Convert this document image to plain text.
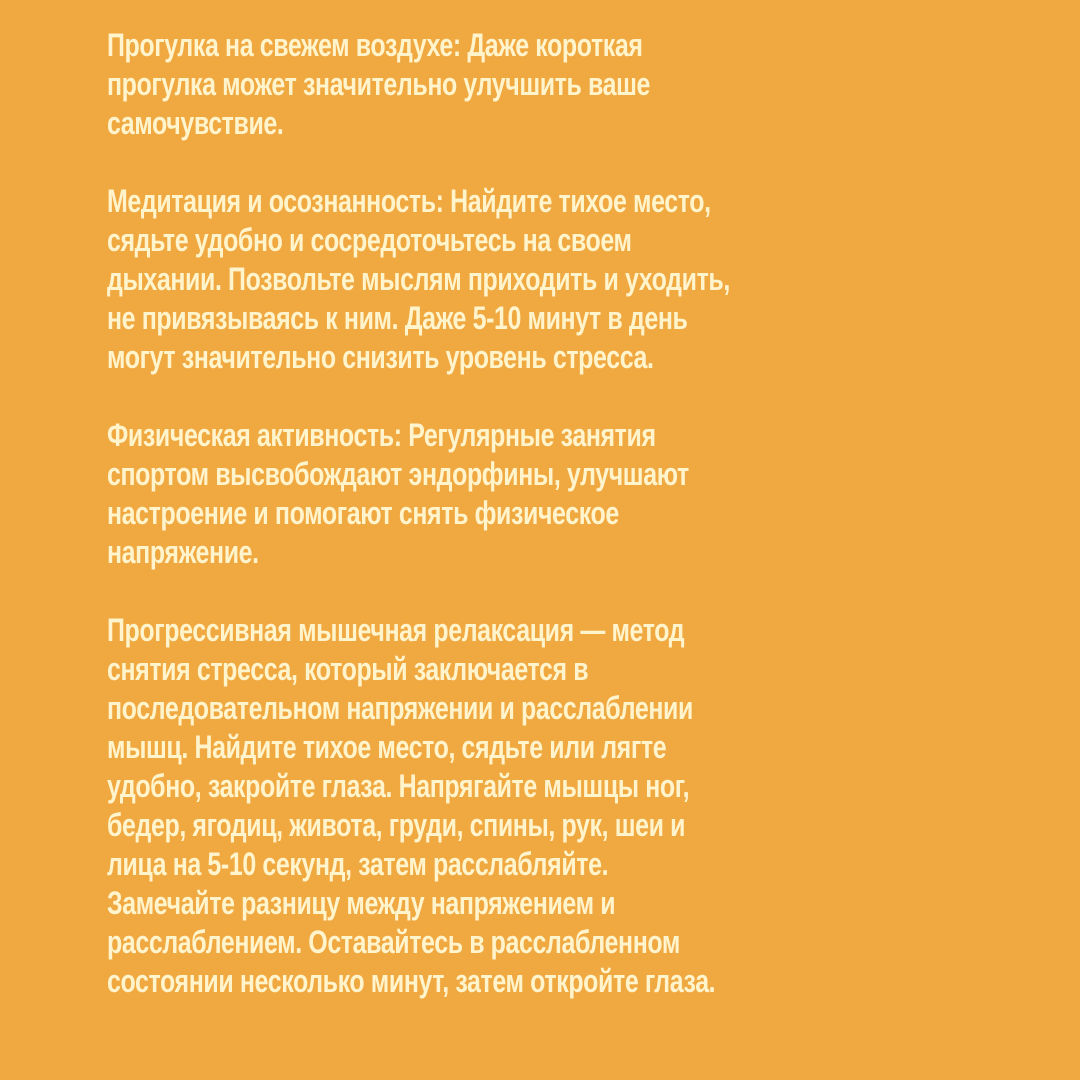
Прогулка на свежем воздухе: Даже короткая
прогулка может значительно улучшить ваше
самочувствие.

Медитация и осознанность: Найдите тихое место,
сядьте удобно и сосредоточьтесь на своем
дыхании. Позвольте мыслям приходить и уходить,
не привязываясь к ним. Даже 5-10 минут в день
могут значительно снизить уровень стресса.

Физическая активность: Регулярные занятия
спортом высвобождают эндорфины, улучшают
настроение и помогают снять физическое
напряжение.

Прогрессивная мышечная релаксация — метод
снятия стресса, который заключается в
последовательном напряжении и расслаблении
мышц. Найдите тихое место, сядьте или лягте
удобно, закройте глаза. Напрягайте мышцы ног,
бедер, ягодиц, живота, груди, спины, рук, шеи и
лица на 5-10 секунд, затем расслабляйте.
Замечайте разницу между напряжением и
расслаблением. Оставайтесь в расслабленном
состоянии несколько минут, затем откройте глаза.
